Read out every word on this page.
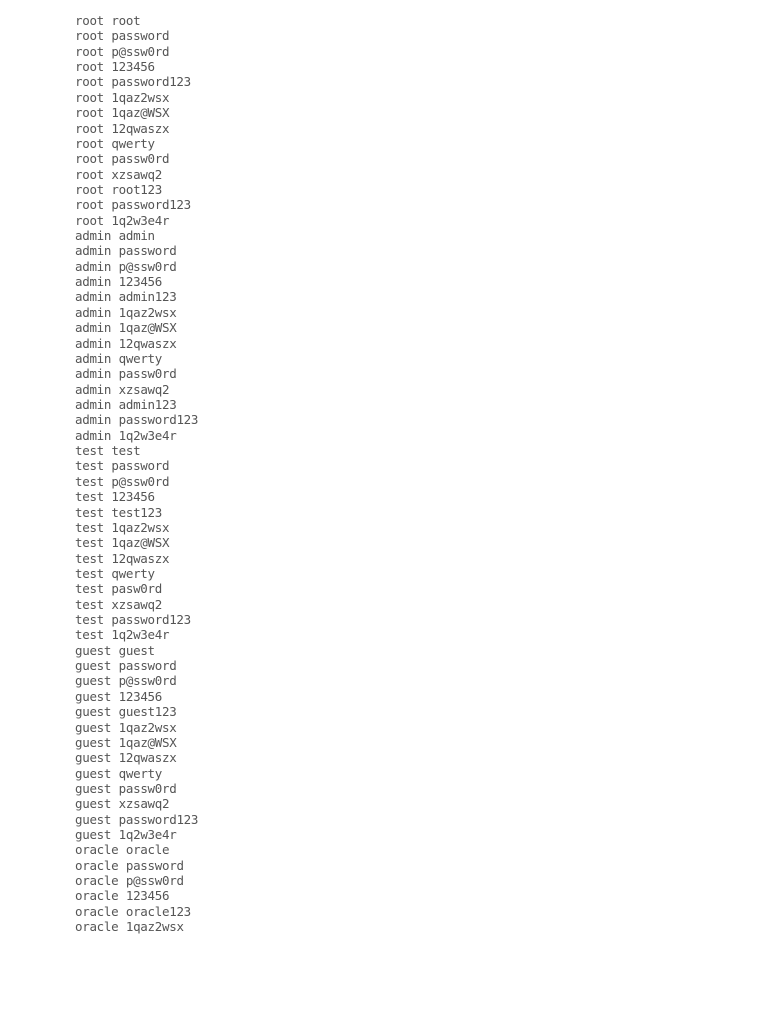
root root
root password
root p@ssw0rd
root 123456
root password123
root 1qaz2wsx
root 1qaz@WSX
root 12qwaszx
root qwerty
root passw0rd
root xzsawq2
root root123
root password123
root 1q2w3e4r
admin admin
admin password
admin p@ssw0rd
admin 123456
admin admin123
admin 1qaz2wsx
admin 1qaz@WSX
admin 12qwaszx
admin qwerty
admin passw0rd
admin xzsawq2
admin admin123
admin password123
admin 1q2w3e4r
test test
test password
test p@ssw0rd
test 123456
test test123
test 1qaz2wsx
test 1qaz@WSX
test 12qwaszx
test qwerty
test pasw0rd
test xzsawq2
test password123
test 1q2w3e4r
guest guest
guest password
guest p@ssw0rd
guest 123456
guest guest123
guest 1qaz2wsx
guest 1qaz@WSX
guest 12qwaszx
guest qwerty
guest passw0rd
guest xzsawq2
guest password123
guest 1q2w3e4r
oracle oracle
oracle password
oracle p@ssw0rd
oracle 123456
oracle oracle123
oracle 1qaz2wsx
